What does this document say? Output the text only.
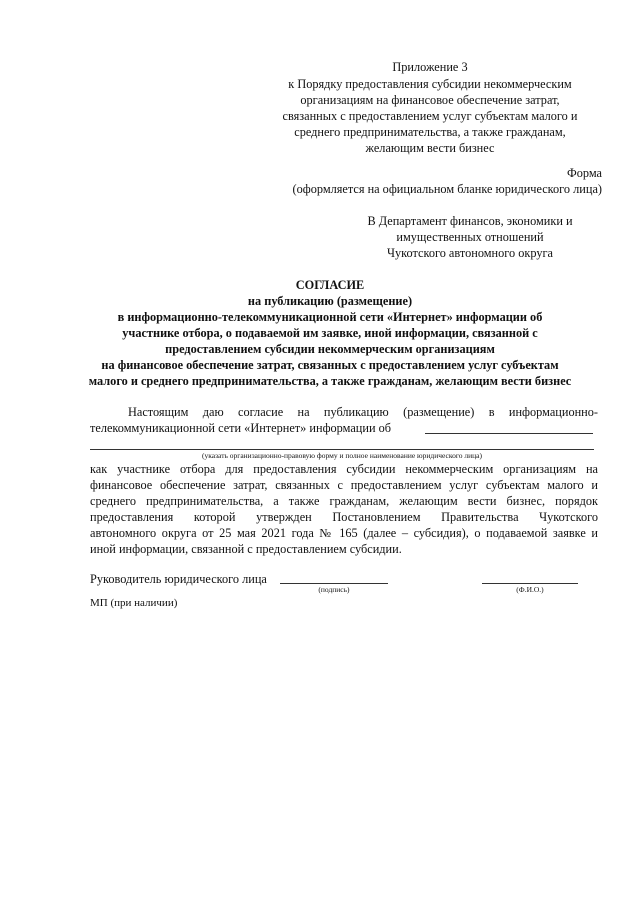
Приложение 3
к Порядку предоставления субсидии некоммерческим
организациям на финансовое обеспечение затрат,
связанных с предоставлением услуг субъектам малого и
среднего предпринимательства, а также гражданам,
желающим вести бизнес
Форма
(оформляется на официальном бланке юридического лица)
В Департамент финансов, экономики и
имущественных отношений
Чукотского автономного округа
СОГЛАСИЕ
на публикацию (размещение)
в информационно-телекоммуникационной сети «Интернет» информации об
участнике отбора, о подаваемой им заявке, иной информации, связанной с
предоставлением субсидии некоммерческим организациям
на финансовое обеспечение затрат, связанных с предоставлением услуг субъектам
малого и среднего предпринимательства, а также гражданам, желающим вести бизнес
Настоящим даю согласие на публикацию (размещение) в информационно-
телекоммуникационной сети «Интернет» информации об
(указать организационно-правовую форму и полное наименование юридического лица)
как участнике отбора для предоставления субсидии некоммерческим организациям на
финансовое обеспечение затрат, связанных с предоставлением услуг субъектам малого и
среднего предпринимательства, а также гражданам, желающим вести бизнес, порядок
предоставления которой утвержден Постановлением Правительства Чукотского
автономного округа от 25 мая 2021 года № 165 (далее – субсидия), о подаваемой заявке и
иной информации, связанной с предоставлением субсидии.
Руководитель юридического лица
(подпись)	(Ф.И.О.)
МП (при наличии)
